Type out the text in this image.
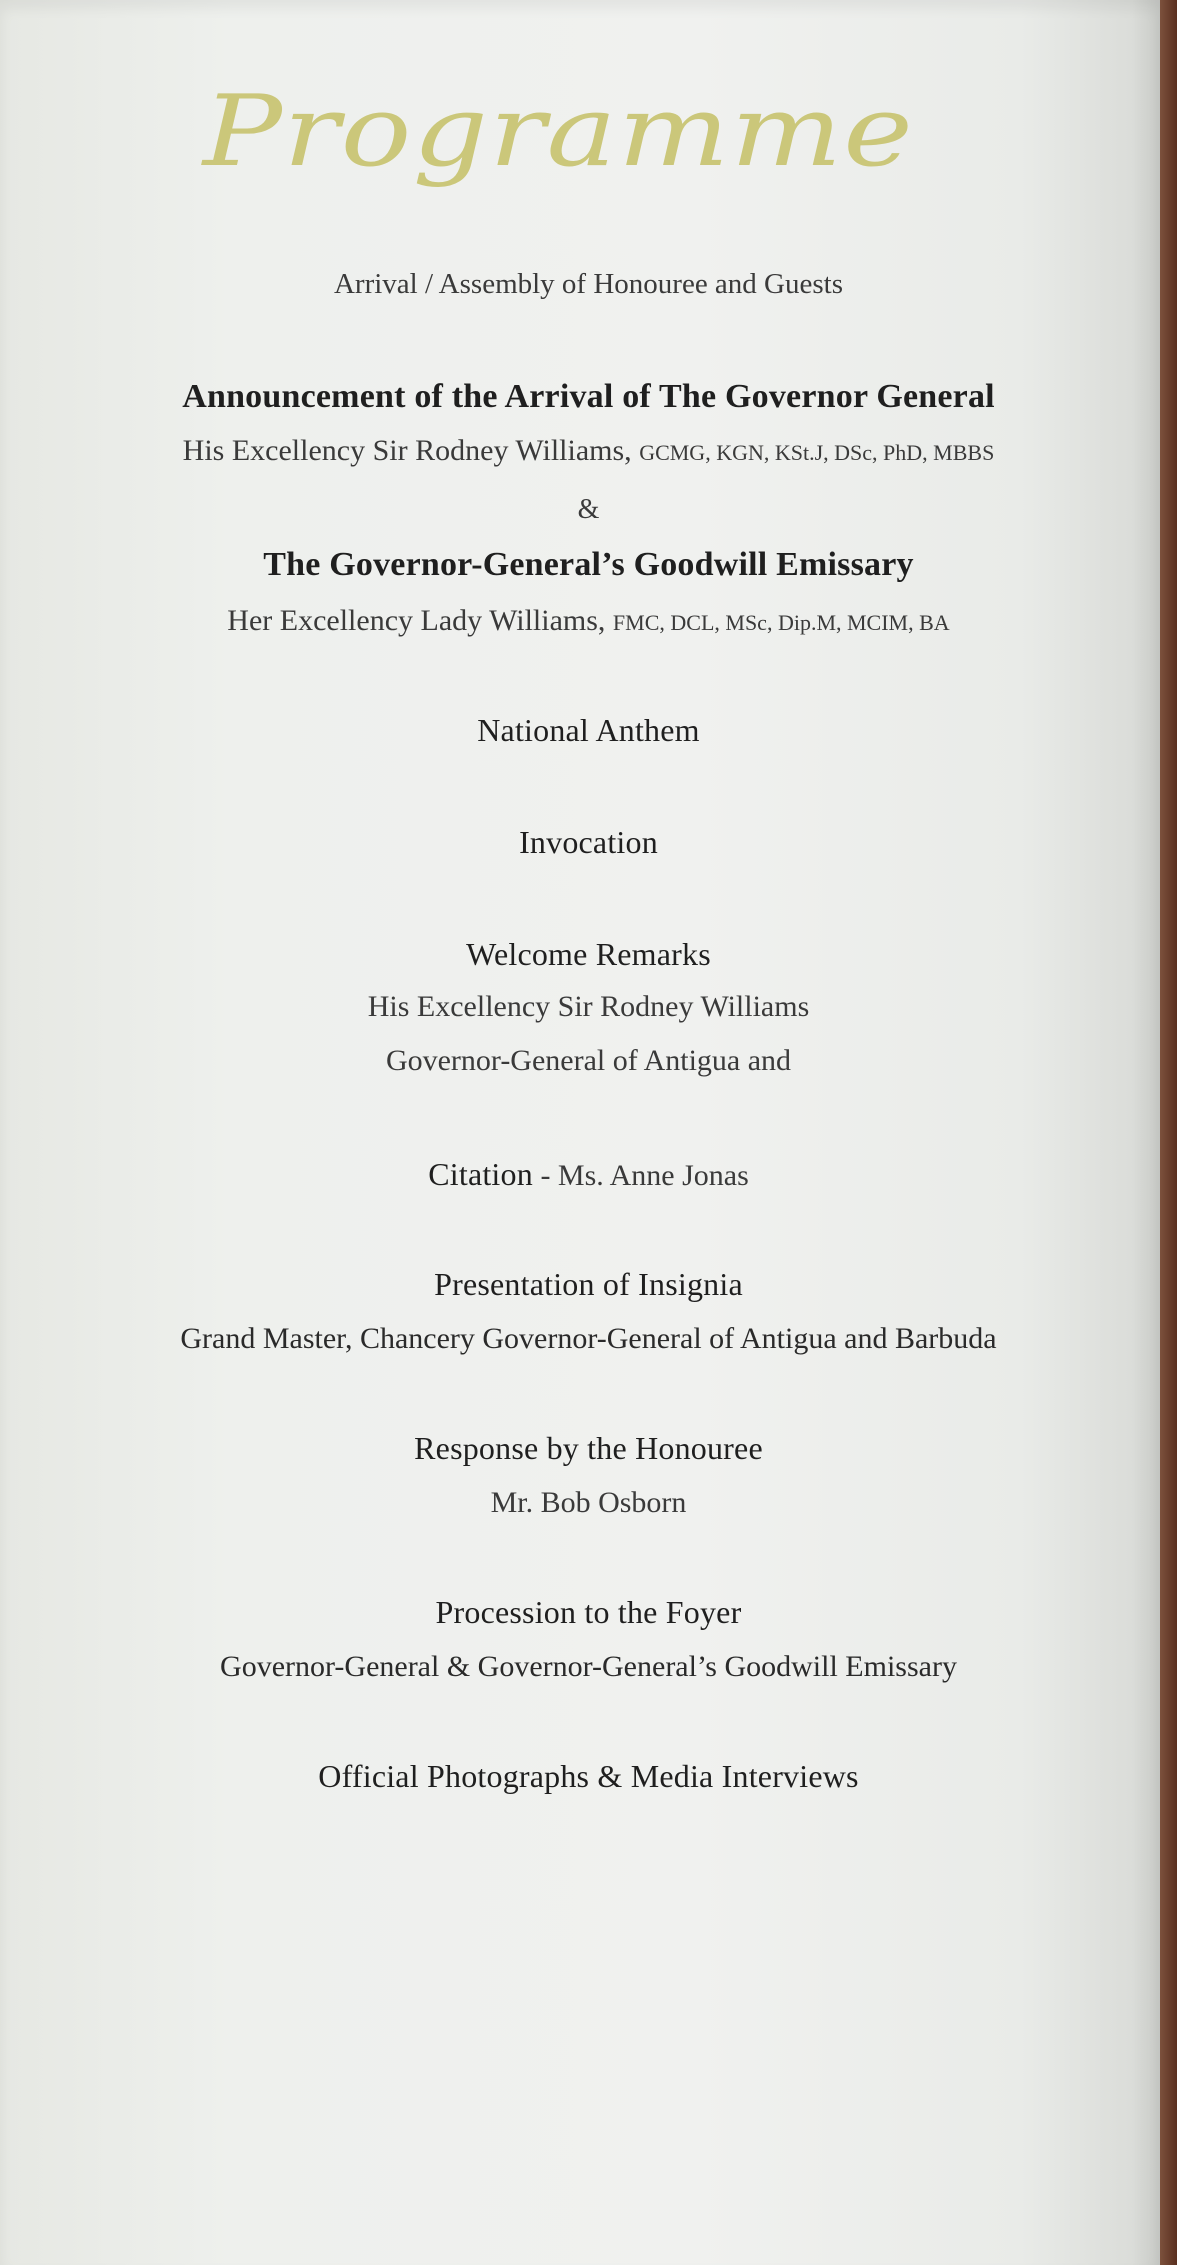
Programme
Arrival / Assembly of Honouree and Guests
Announcement of the Arrival of The Governor General
His Excellency Sir Rodney Williams, GCMG, KGN, KSt.J, DSc, PhD, MBBS
&
The Governor-General’s Goodwill Emissary
Her Excellency Lady Williams, FMC, DCL, MSc, Dip.M, MCIM, BA
National Anthem
Invocation
Welcome Remarks
His Excellency Sir Rodney Williams
Governor-General of Antigua and
Citation - Ms. Anne Jonas
Presentation of Insignia
Grand Master, Chancery Governor-General of Antigua and Barbuda
Response by the Honouree
Mr. Bob Osborn
Procession to the Foyer
Governor-General & Governor-General’s Goodwill Emissary
Official Photographs & Media Interviews
